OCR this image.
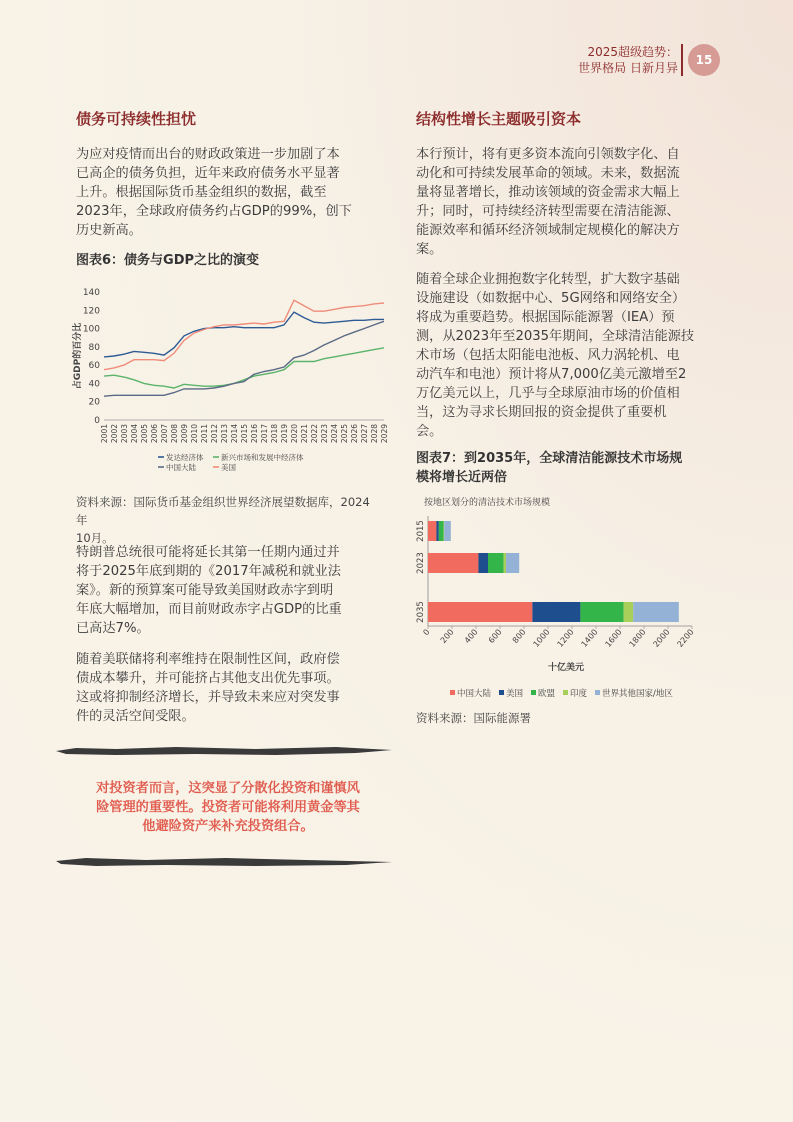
2025超级趋势：
世界格局 日新月异
15
债务可持续性担忧
为应对疫情而出台的财政政策进一步加剧了本
已高企的债务负担，近年来政府债务水平显著
上升。根据国际货币基金组织的数据，截至
2023年，全球政府债务约占GDP的99%，创下
历史新高。
图表6：债务与GDP之比的演变
0
20
40
60
80
100
120
140
占GDP的百分比
2001 2002 2003 2004 2005 2006 2007 2008 2009 2010 2011 2012 2013 2014 2015 2016 2017 2018 2019 2020 2021 2022 2023 2024 2025 2026 2027 2028 2029
发达经济体 新兴市场和发展中经济体
中国大陆	美国
资料来源：国际货币基金组织世界经济展望数据库，2024年
10月。
特朗普总统很可能将延长其第一任期内通过并
将于2025年底到期的《2017年减税和就业法
案》。新的预算案可能导致美国财政赤字到明
年底大幅增加，而目前财政赤字占GDP的比重
已高达7%。
随着美联储将利率维持在限制性区间，政府偿
债成本攀升，并可能挤占其他支出优先事项。
这或将抑制经济增长，并导致未来应对突发事
件的灵活空间受限。
对投资者而言，这突显了分散化投资和谨慎风
险管理的重要性。投资者可能将利用黄金等其
他避险资产来补充投资组合。
结构性增长主题吸引资本
本行预计，将有更多资本流向引领数字化、自
动化和可持续发展革命的领域。未来，数据流
量将显著增长，推动该领域的资金需求大幅上
升；同时，可持续经济转型需要在清洁能源、
能源效率和循环经济领域制定规模化的解决方
案。
随着全球企业拥抱数字化转型，扩大数字基础
设施建设（如数据中心、5G网络和网络安全）
将成为重要趋势。根据国际能源署（IEA）预
测，从2023年至2035年期间，全球清洁能源技
术市场（包括太阳能电池板、风力涡轮机、电
动汽车和电池）预计将从7,000亿美元激增至2
万亿美元以上，几乎与全球原油市场的价值相
当，这为寻求长期回报的资金提供了重要机
会。
图表7：到2035年，全球清洁能源技术市场规
模将增长近两倍
按地区划分的清洁技术市场规模
2015
2023
2035
0 200 400 600 800 1000 1200 1400 1600 1800 2000 2200
十亿美元
中国大陆 美国 欧盟 印度 世界其他国家/地区
资料来源：国际能源署
